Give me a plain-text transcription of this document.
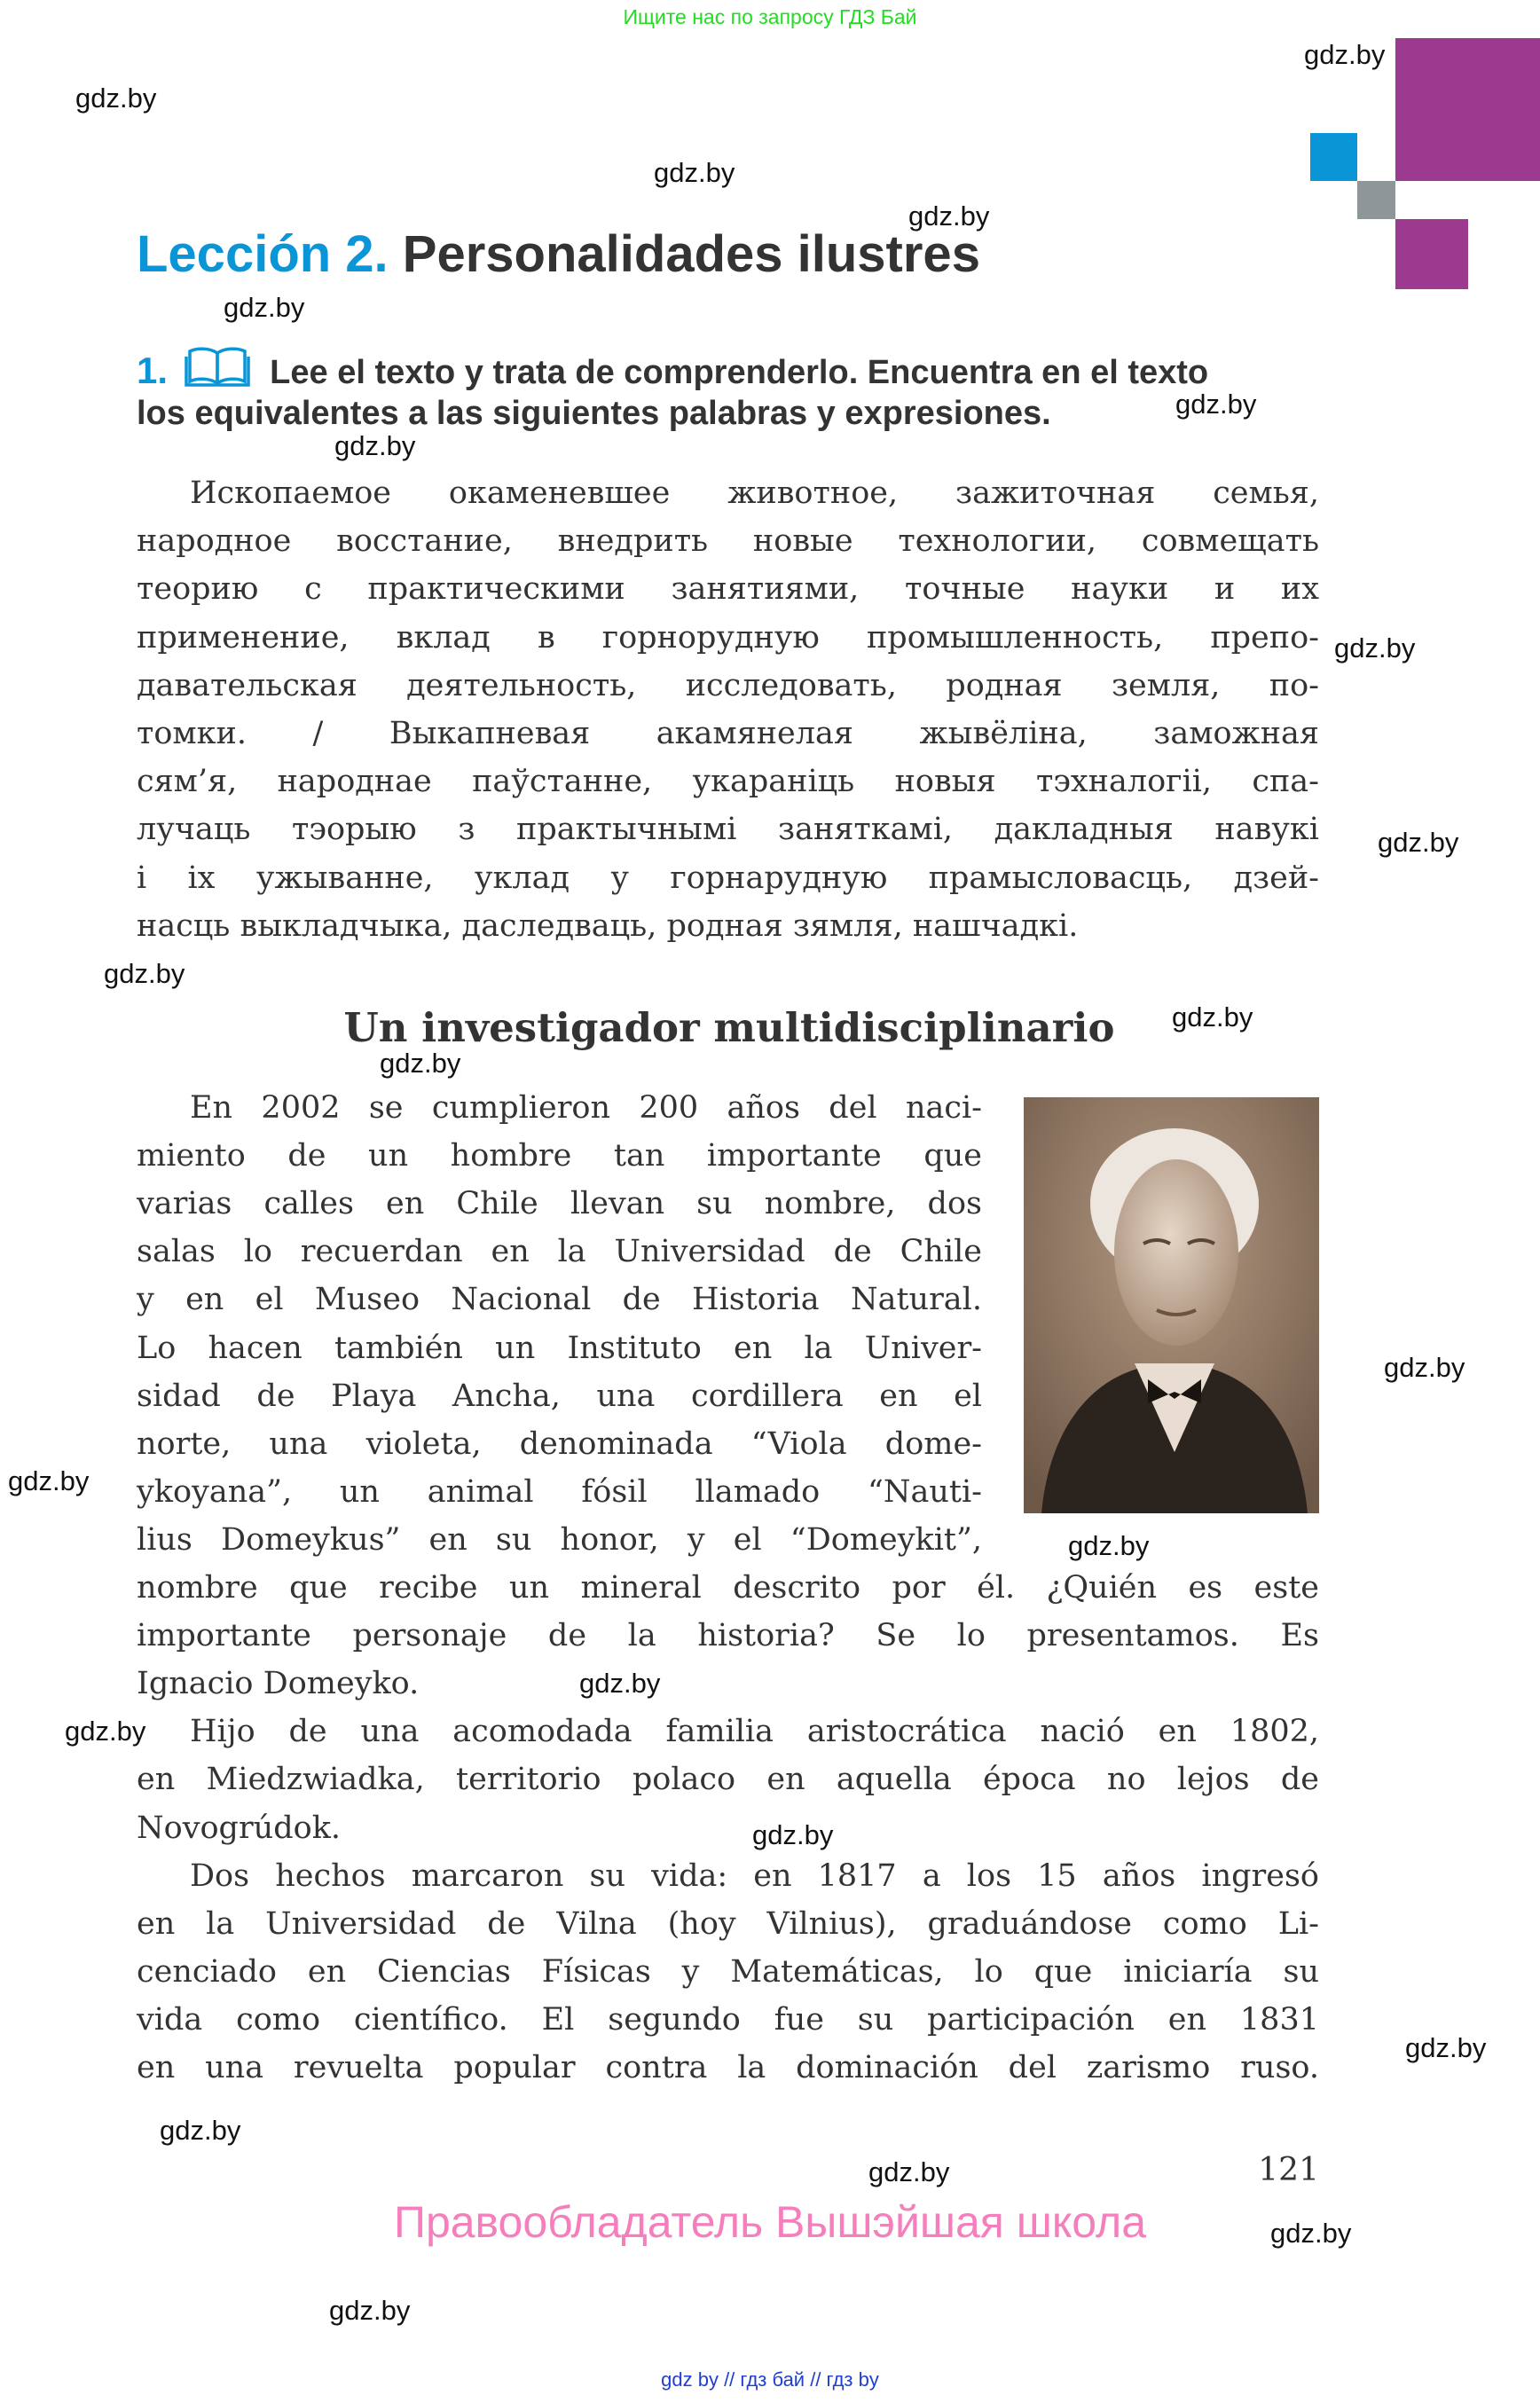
Ищите нас по запросу ГДЗ Бай
Lección 2. Personalidades ilustres
1.	Lee el texto y trata de comprenderlo. Encuentra en el texto
los equivalentes a las siguientes palabras y expresiones.
Ископаемое окаменевшее животное, зажиточная семья,
народное восстание, внедрить новые технологии, совмещать
теорию с практическими занятиями, точные науки и их
применение, вклад в горнорудную промышленность, препо-
давательская деятельность, исследовать, родная земля, по-
томки. / Выкапневая акамянелая жывёліна, заможная
сям’я, народнае паўстанне, укараніць новыя тэхналогіі, спа-
лучаць тэорыю з практычнымі заняткамі, дакладныя навукі
і іх ужыванне, уклад у горнарудную прамысловасць, дзей-
насць выкладчыка, даследваць, родная зямля, нашчадкі.
Un investigador multidisciplinario
En 2002 se cumplieron 200 años del naci-
miento de un hombre tan importante que
varias calles en Chile llevan su nombre, dos
salas lo recuerdan en la Universidad de Chile
y en el Museo Nacional de Historia Natural.
Lo hacen también un Instituto en la Univer-
sidad de Playa Ancha, una cordillera en el
norte, una violeta, denominada “Viola dome-
ykoyana”, un animal fósil llamado “Nauti-
lius Domeykus” en su honor, y el “Domeykit”,
nombre que recibe un mineral descrito por él. ¿Quién es este
importante personaje de la historia? Se lo presentamos. Es
Ignacio Domeyko.
Hijo de una acomodada familia aristocrática nació en 1802,
en Miedzwiadka, territorio polaco en aquella época no lejos de
Novogrúdok.
Dos hechos marcaron su vida: en 1817 a los 15 años ingresó
en la Universidad de Vilna (hoy Vilnius), graduándose como Li-
cenciado en Ciencias Físicas y Matemáticas, lo que iniciaría su
vida como científico. El segundo fue su participación en 1831
en una revuelta popular contra la dominación del zarismo ruso.
gdz.by
gdz.by
gdz.by
gdz.by
gdz.by
gdz.by
gdz.by
gdz.by
gdz.by
gdz.by
gdz.by
gdz.by
gdz.by
gdz.by
gdz.by
gdz.by
gdz.by
gdz.by
gdz.by
gdz.by
gdz.by
gdz.by
gdz.by
121
Правообладатель Вышэйшая школа
gdz by // гдз бай // гдз by
